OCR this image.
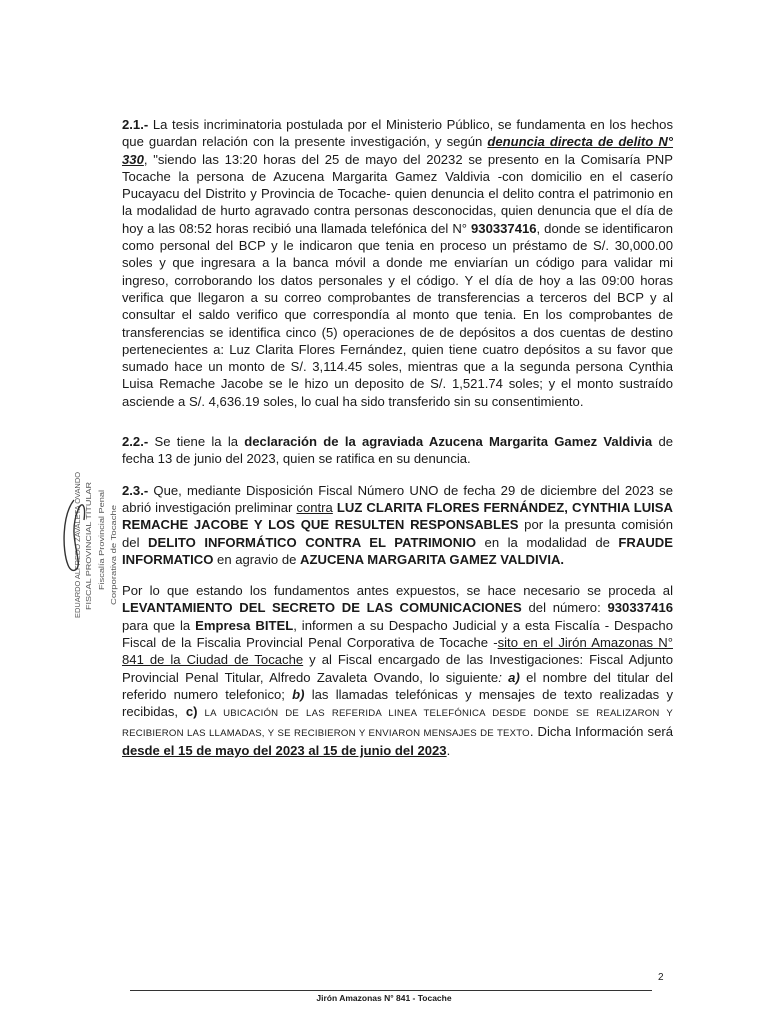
EDUARDO ALFREDO ZAVALETA OVANDO FISCAL PROVINCIAL TITULAR Fiscalía Provincial Penal Corporativa de Tocache

2.1.- La tesis incriminatoria postulada por el Ministerio Público, se fundamenta en los hechos que guardan relación con la presente investigación, y según denuncia directa de delito N° 330, "siendo las 13:20 horas del 25 de mayo del 20232 se presento en la Comisaría PNP Tocache la persona de Azucena Margarita Gamez Valdivia -con domicilio en el caserío Pucayacu del Distrito y Provincia de Tocache- quien denuncia el delito contra el patrimonio en la modalidad de hurto agravado contra personas desconocidas, quien denuncia que el día de hoy a las 08:52 horas recibió una llamada telefónica del N° 930337416, donde se identificaron como personal del BCP y le indicaron que tenia en proceso un préstamo de S/. 30,000.00 soles y que ingresara a la banca móvil a donde me enviarían un código para validar mi ingreso, corroborando los datos personales y el código. Y el día de hoy a las 09:00 horas verifica que llegaron a su correo comprobantes de transferencias a terceros del BCP y al consultar el saldo verifico que correspondía al monto que tenia. En los comprobantes de transferencias se identifica cinco (5) operaciones de de depósitos a dos cuentas de destino pertenecientes a: Luz Clarita Flores Fernández, quien tiene cuatro depósitos a su favor que sumado hace un monto de S/. 3,114.45 soles, mientras que a la segunda persona Cynthia Luisa Remache Jacobe se le hizo un deposito de S/. 1,521.74 soles; y el monto sustraído asciende a S/. 4,636.19 soles, lo cual ha sido transferido sin su consentimiento.

2.2.- Se tiene la la declaración de la agraviada Azucena Margarita Gamez Valdivia de fecha 13 de junio del 2023, quien se ratifica en su denuncia.

2.3.- Que, mediante Disposición Fiscal Número UNO de fecha 29 de diciembre del 2023 se abrió investigación preliminar contra LUZ CLARITA FLORES FERNÁNDEZ, CYNTHIA LUISA REMACHE JACOBE Y LOS QUE RESULTEN RESPONSABLES por la presunta comisión del DELITO INFORMÁTICO CONTRA EL PATRIMONIO en la modalidad de FRAUDE INFORMATICO en agravio de AZUCENA MARGARITA GAMEZ VALDIVIA.

Por lo que estando los fundamentos antes expuestos, se hace necesario se proceda al LEVANTAMIENTO DEL SECRETO DE LAS COMUNICACIONES del número: 930337416 para que la Empresa BITEL, informen a su Despacho Judicial y a esta Fiscalía - Despacho Fiscal de la Fiscalia Provincial Penal Corporativa de Tocache -sito en el Jirón Amazonas N° 841 de la Ciudad de Tocache y al Fiscal encargado de las Investigaciones: Fiscal Adjunto Provincial Penal Titular, Alfredo Zavaleta Ovando, lo siguiente: a) el nombre del titular del referido numero telefonico; b) las llamadas telefónicas y mensajes de texto realizadas y recibidas, c) LA UBICACIÓN DE LAS REFERIDA LINEA TELEFÓNICA DESDE DONDE SE REALIZARON Y RECIBIERON LAS LLAMADAS, Y SE RECIBIERON Y ENVIARON MENSAJES DE TEXTO. Dicha Información será desde el 15 de mayo del 2023 al 15 de junio del 2023.

2
Jirón Amazonas N° 841 - Tocache
